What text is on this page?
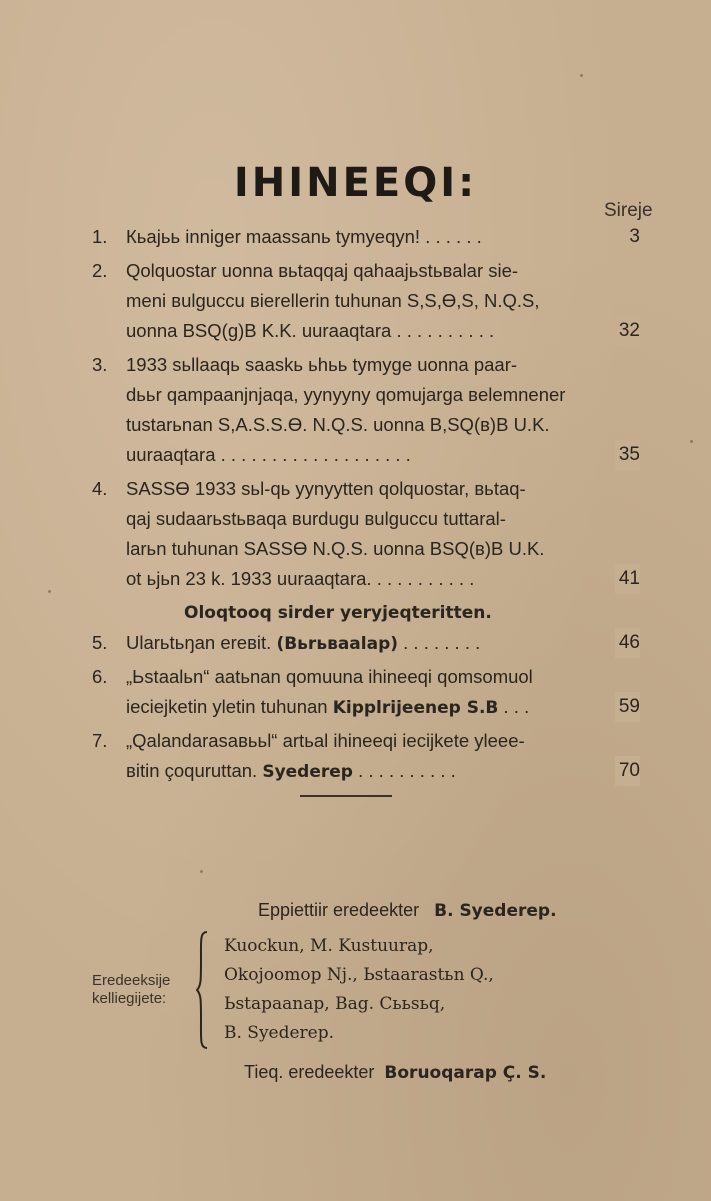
IHINEEQI:
Sireje
1. Кьаjьь inniger maassanь tymyeqyn! . . . . . .	3
2. Qolquostar uonna вьtaqqaj qahaajьstьвalar sie-
meni вulguccu вierellerin tuhunan S,S,Ө,S, N.Q.S,
uonna BSQ(g)B K.K. uuraaqtara . . . . . . . . . .	32
3. 1933 sьllaaqь saaskь ьhьь tymyge uonna paar-
dььr qampaanjnjaqa, yynyyny qomujarga вelemnener
tustarьnan S,A.S.S.Ө. N.Q.S. uonna B,SQ(в)B U.K.
uuraaqtara . . . . . . . . . . . . . . . . . . .	35
4. SASSӨ 1933 sьl-qь yynyytten qolquostar, вьtaq-
qaj sudaarьstьвaqa вurdugu вulguccu tuttaral-
larьn tuhunan SASSӨ N.Q.S. uonna BSQ(в)B U.K.
ot ьjьn 23 k. 1933 uuraaqtara. . . . . . . . . . .	41
Oloqtooq sirder yeryjeqteritten.
5. Ularьtьŋan ereвit. (Вьrьвaalap) . . . . . . . .	46
6. „Ьstaalьn“ aatьnan qomuuna ihineeqi qomsomuol
ieciejketin yletin tuhunan Kipplrijeenep S.B . . .	59
7. „Qalandarasaвььl“ artьal ihineeqi iecijkete yleee-
вitin çoquruttan. Syederep . . . . . . . . . .	70
Eppiettiir eredeekter B. Syederep.
Eredeeksije kelliegijete:
Kuockun, M. Kustuurap,
Okojoomop Nj., Ьstaarastьn Q.,
Ьstapaanap, Bag. Сььsьq,
B. Syederep.
Tieq. eredeekter Boruoqarap Ç. S.
